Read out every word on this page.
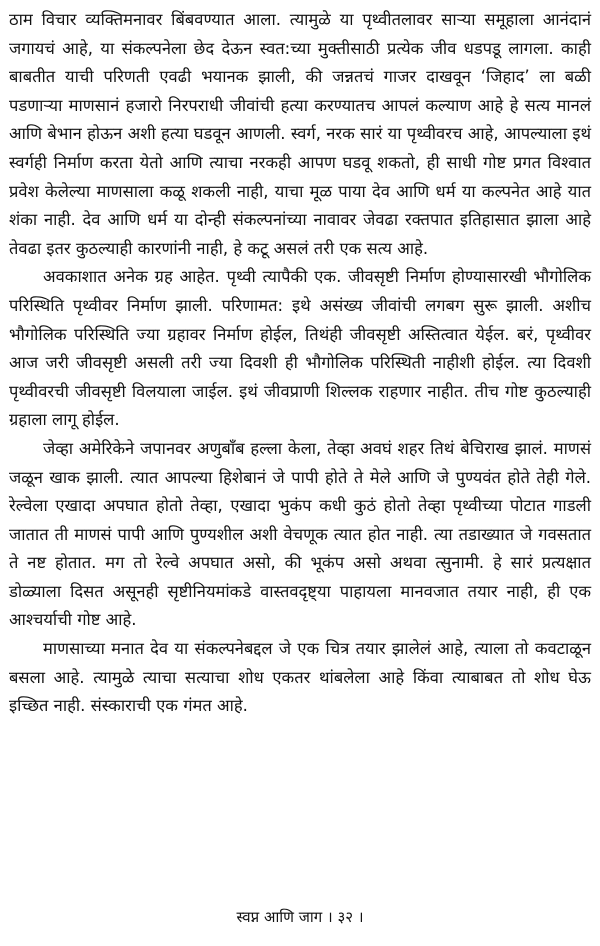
ठाम विचार व्यक्तिमनावर बिंबवण्यात आला. त्यामुळे या पृथ्वीतलावर साऱ्या समूहाला आनंदानं जगायचं आहे, या संकल्पनेला छेद देऊन स्वत:च्या मुक्तीसाठी प्रत्येक जीव धडपडू लागला. काही बाबतीत याची परिणती एवढी भयानक झाली, की जन्नतचं गाजर दाखवून ‘जिहाद’ ला बळी पडणाऱ्या माणसानं हजारो निरपराधी जीवांची हत्या करण्यातच आपलं कल्याण आहे हे सत्य मानलं आणि बेभान होऊन अशी हत्या घडवून आणली. स्वर्ग, नरक सारं या पृथ्वीवरच आहे, आपल्याला इथं स्वर्गही निर्माण करता येतो आणि त्याचा नरकही आपण घडवू शकतो, ही साधी गोष्ट प्रगत विश्वात प्रवेश केलेल्या माणसाला कळू शकली नाही, याचा मूळ पाया देव आणि धर्म या कल्पनेत आहे यात शंका नाही. देव आणि धर्म या दोन्ही संकल्पनांच्या नावावर जेवढा रक्तपात इतिहासात झाला आहे तेवढा इतर कुठल्याही कारणांनी नाही, हे कटू असलं तरी एक सत्य आहे.

अवकाशात अनेक ग्रह आहेत. पृथ्वी त्यापैकी एक. जीवसृष्टी निर्माण होण्यासारखी भौगोलिक परिस्थिति पृथ्वीवर निर्माण झाली. परिणामत: इथे असंख्य जीवांची लगबग सुरू झाली. अशीच भौगोलिक परिस्थिति ज्या ग्रहावर निर्माण होईल, तिथंही जीवसृष्टी अस्तित्वात येईल. बरं, पृथ्वीवर आज जरी जीवसृष्टी असली तरी ज्या दिवशी ही भौगोलिक परिस्थिती नाहीशी होईल. त्या दिवशी पृथ्वीवरची जीवसृष्टी विलयाला जाईल. इथं जीवप्राणी शिल्लक राहणार नाहीत. तीच गोष्ट कुठल्याही ग्रहाला लागू होईल.

जेव्हा अमेरिकेने जपानवर अणुबॉंब हल्ला केला, तेव्हा अवघं शहर तिथं बेचिराख झालं. माणसं जळून खाक झाली. त्यात आपल्या हिशेबानं जे पापी होते ते मेले आणि जे पुण्यवंत होते तेही गेले. रेल्वेला एखादा अपघात होतो तेव्हा, एखादा भुकंप कधी कुठं होतो तेव्हा पृथ्वीच्या पोटात गाडली जातात ती माणसं पापी आणि पुण्यशील अशी वेचणूक त्यात होत नाही. त्या तडाख्यात जे गवसतात ते नष्ट होतात. मग तो रेल्वे अपघात असो, की भूकंप असो अथवा त्सुनामी. हे सारं प्रत्यक्षात डोळ्याला दिसत असूनही सृष्टीनियमांकडे वास्तवदृष्ट्या पाहायला मानवजात तयार नाही, ही एक आश्चर्याची गोष्ट आहे.

माणसाच्या मनात देव या संकल्पनेबद्दल जे एक चित्र तयार झालेलं आहे, त्याला तो कवटाळून बसला आहे. त्यामुळे त्याचा सत्याचा शोध एकतर थांबलेला आहे किंवा त्याबाबत तो शोध घेऊ इच्छित नाही. संस्काराची एक गंमत आहे.

स्वप्न आणि जाग । ३२ ।
